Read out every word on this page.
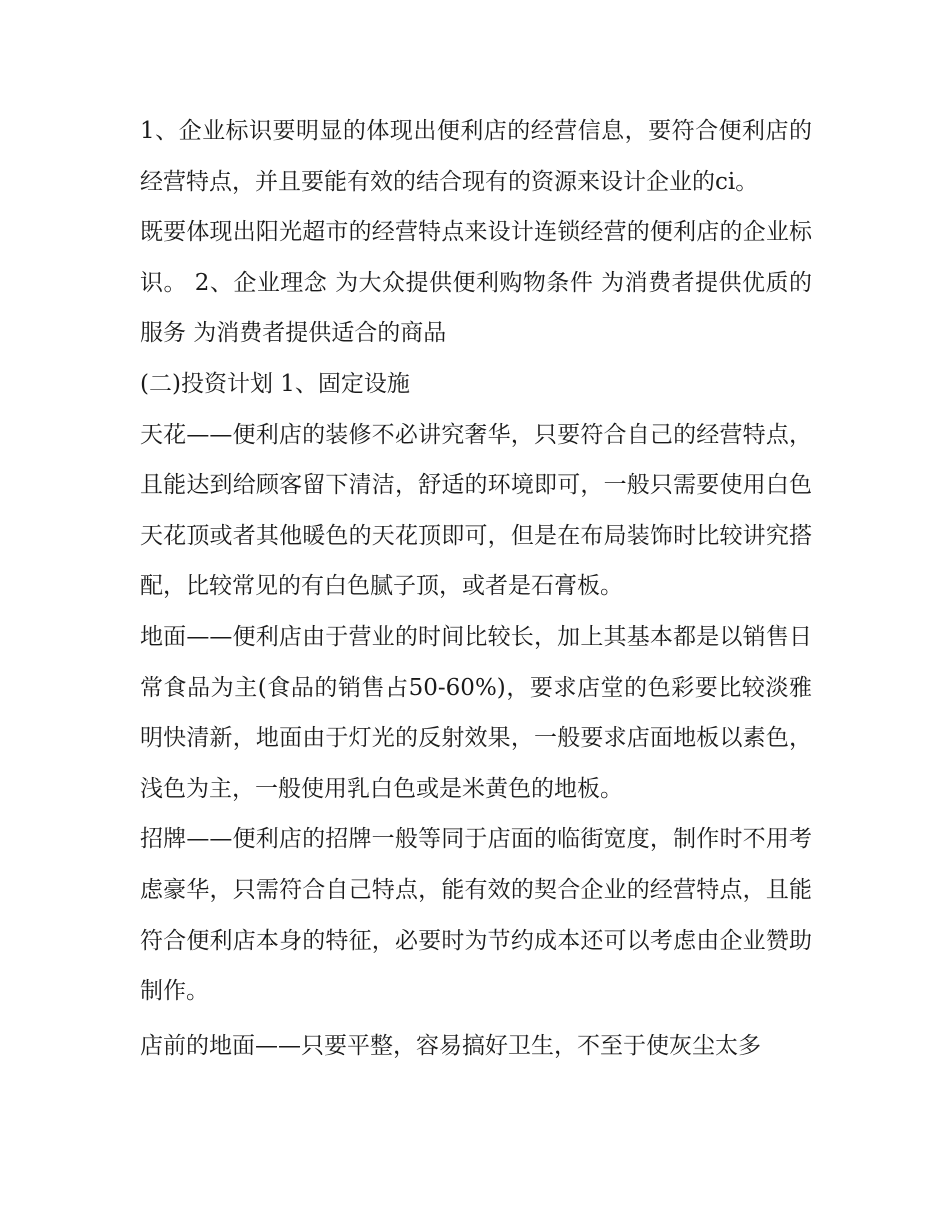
1、企业标识要明显的体现出便利店的经营信息，要符合便利店的经营特点，并且要能有效的结合现有的资源来设计企业的ci。

既要体现出阳光超市的经营特点来设计连锁经营的便利店的企业标识。 2、企业理念 为大众提供便利购物条件 为消费者提供优质的服务 为消费者提供适合的商品

(二)投资计划 1、固定设施

天花——便利店的装修不必讲究奢华，只要符合自己的经营特点，且能达到给顾客留下清洁，舒适的环境即可，一般只需要使用白色天花顶或者其他暖色的天花顶即可，但是在布局装饰时比较讲究搭配，比较常见的有白色腻子顶，或者是石膏板。

地面——便利店由于营业的时间比较长，加上其基本都是以销售日常食品为主(食品的销售占50-60%)，要求店堂的色彩要比较淡雅明快清新，地面由于灯光的反射效果，一般要求店面地板以素色，浅色为主，一般使用乳白色或是米黄色的地板。

招牌——便利店的招牌一般等同于店面的临街宽度，制作时不用考虑豪华，只需符合自己特点，能有效的契合企业的经营特点，且能符合便利店本身的特征，必要时为节约成本还可以考虑由企业赞助制作。

店前的地面——只要平整，容易搞好卫生，不至于使灰尘太多
